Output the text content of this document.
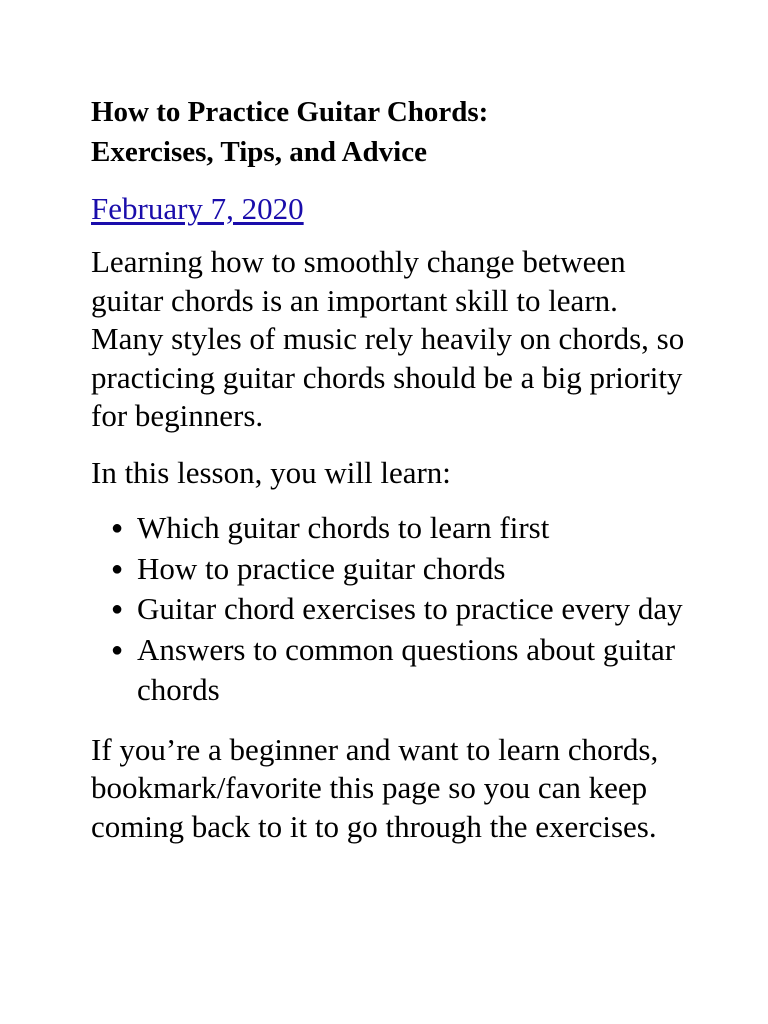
How to Practice Guitar Chords:
Exercises, Tips, and Advice
February 7, 2020

Learning how to smoothly change between guitar chords is an important skill to learn. Many styles of music rely heavily on chords, so practicing guitar chords should be a big priority for beginners.

In this lesson, you will learn:

● Which guitar chords to learn first
● How to practice guitar chords
● Guitar chord exercises to practice every day
● Answers to common questions about guitar chords

If you’re a beginner and want to learn chords, bookmark/favorite this page so you can keep coming back to it to go through the exercises.
